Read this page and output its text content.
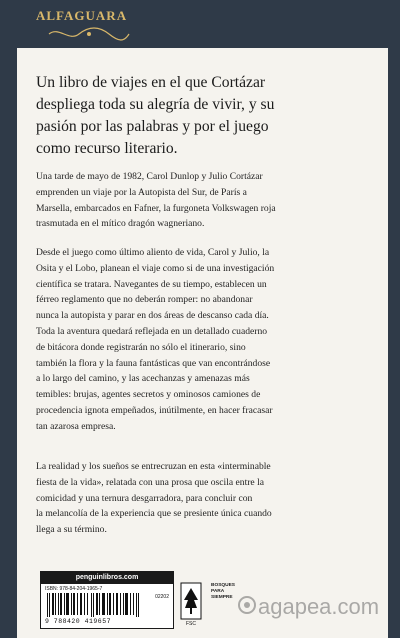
ALFAGUARA
Un libro de viajes en el que Cortázar
despliega toda su alegría de vivir, y su
pasión por las palabras y por el juego
como recurso literario.
Una tarde de mayo de 1982, Carol Dunlop y Julio Cortázar
emprenden un viaje por la Autopista del Sur, de París a
Marsella, embarcados en Fafner, la furgoneta Volkswagen roja
trasmutada en el mítico dragón wagneriano.
Desde el juego como último aliento de vida, Carol y Julio, la
Osita y el Lobo, planean el viaje como si de una investigación
científica se tratara. Navegantes de su tiempo, establecen un
férreo reglamento que no deberán romper: no abandonar
nunca la autopista y parar en dos áreas de descanso cada día.
Toda la aventura quedará reflejada en un detallado cuaderno
de bitácora donde registrarán no sólo el itinerario, sino
también la flora y la fauna fantásticas que van encontrándose
a lo largo del camino, y las acechanzas y amenazas más
temibles: brujas, agentes secretos y ominosos camiones de
procedencia ignota empeñados, inútilmente, en hacer fracasar
tan azarosa empresa.
La realidad y los sueños se entrecruzan en esta «interminable
fiesta de la vida», relatada con una prosa que oscila entre la
comicidad y una ternura desgarradora, para concluir con
la melancolía de la experiencia que se presiente única cuando
llega a su término.
penguinlibros.com
ISBN: 978-84-204-1965-7
02202
9 788420 419657	FSC
BOSQUES
PARA
SIEMPRE agapea.com
